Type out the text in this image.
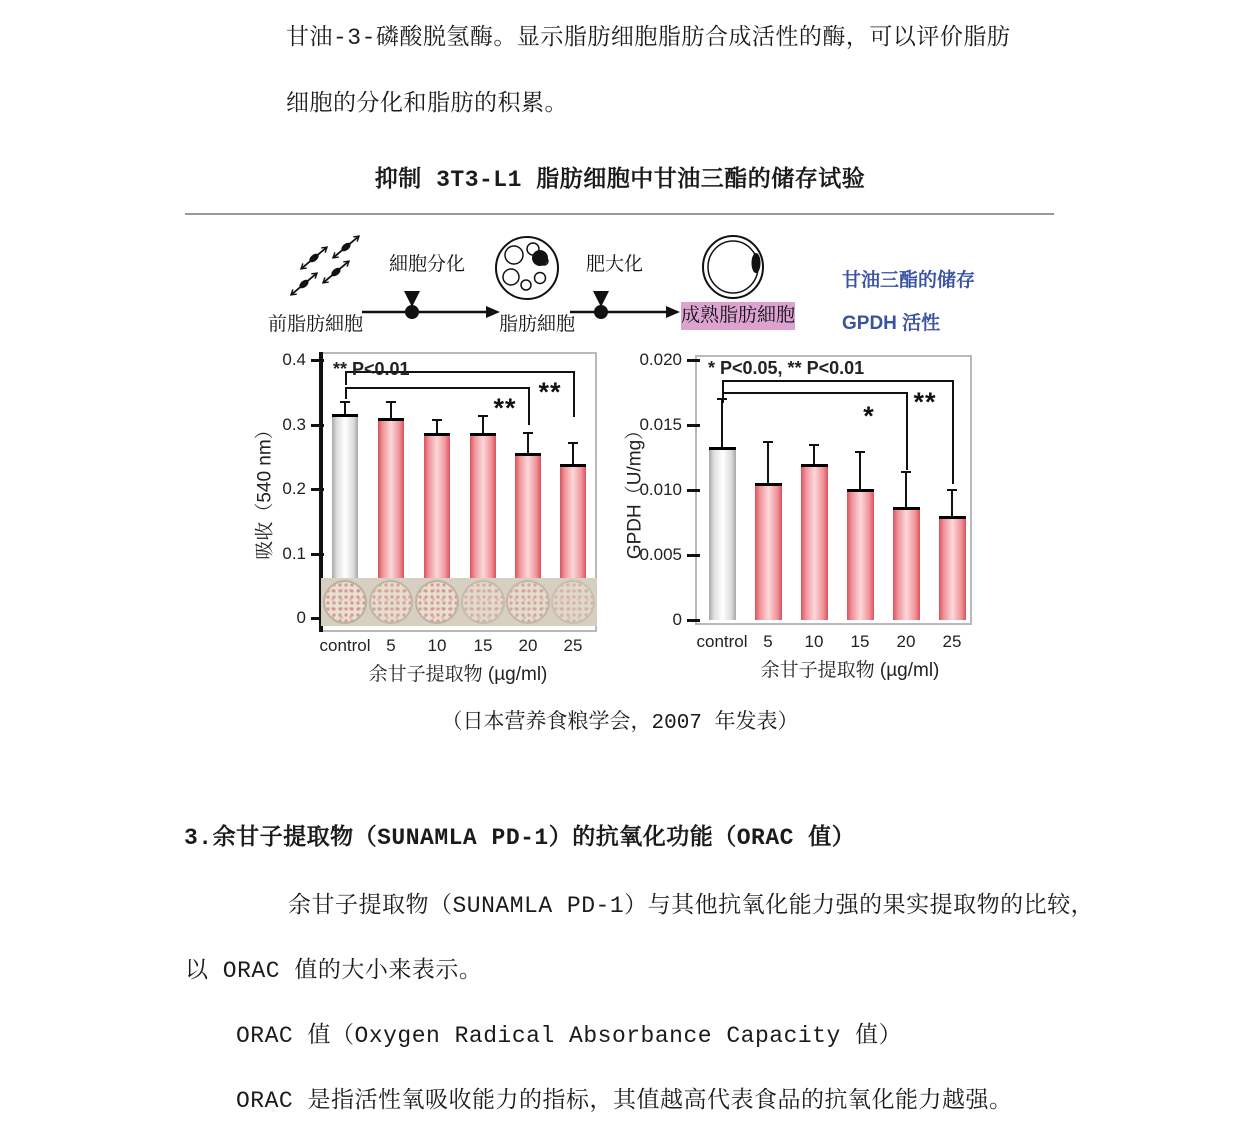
甘油-3-磷酸脱氢酶。显示脂肪细胞脂肪合成活性的酶，可以评价脂肪

细胞的分化和脂肪的积累。

抑制 3T3-L1 脂肪细胞中甘油三酯的储存试验
前脂肪細胞
細胞分化
脂肪細胞
肥大化
成熟脂肪細胞
甘油三酯的储存
GPDH 活性
0
0.1
0.2
0.3
0.4
control 5	10	15	20	25
**
**
** P<0.01
吸收（540 nm）
余甘子提取物 (µg/ml)
0
0.005
0.010
0.015
0.020
control 5	10	15	20	25
**
*
* P<0.05, ** P<0.01
GPDH（U/mg）
余甘子提取物 (µg/ml)

（日本营养食粮学会，2007 年发表）

3.余甘子提取物（SUNAMLA PD-1）的抗氧化功能（ORAC 值）

余甘子提取物（SUNAMLA PD-1）与其他抗氧化能力强的果实提取物的比较，

以 ORAC 值的大小来表示。

ORAC 值（Oxygen Radical Absorbance Capacity 值）

ORAC 是指活性氧吸收能力的指标，其值越高代表食品的抗氧化能力越强。
